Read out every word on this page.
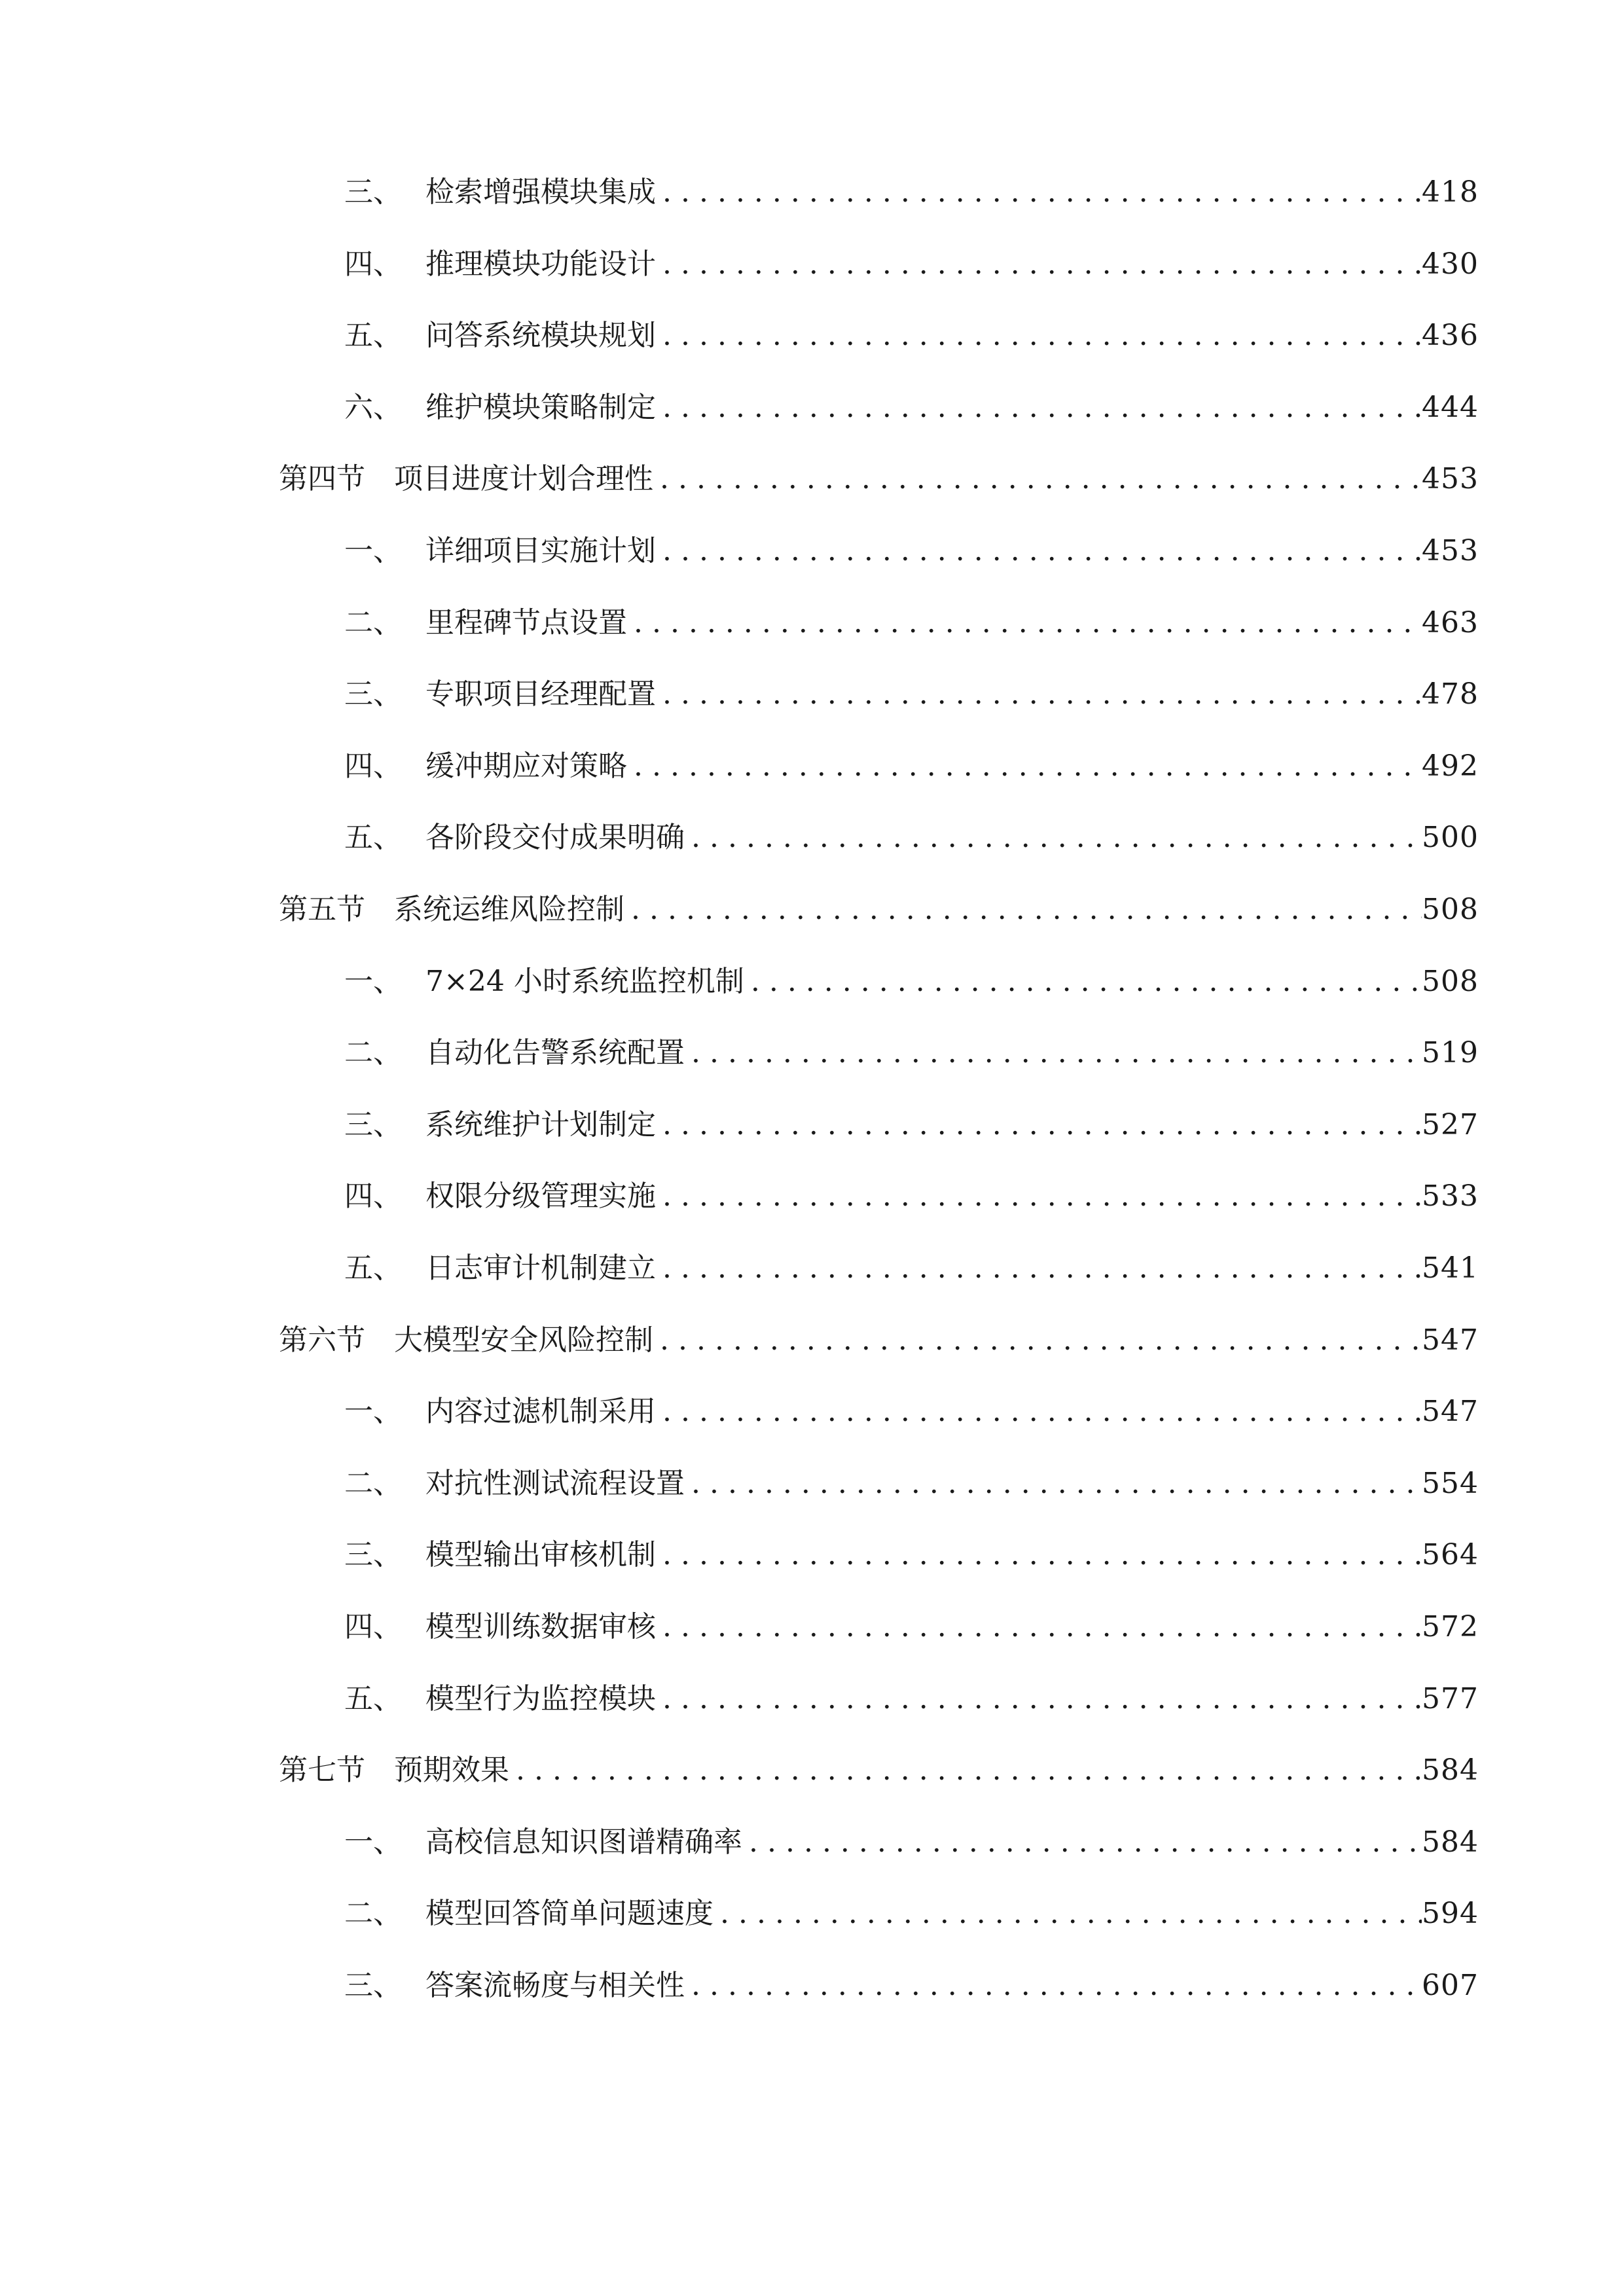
三、 检索增强模块集成 .....	418
四、 推理模块功能设计 .....	430
五、 问答系统模块规划 .....	436
六、 维护模块策略制定 .....	444
第四节	项目进度计划合理性 .....	453
一、 详细项目实施计划 .....	453
二、 里程碑节点设置 .....	463
三、 专职项目经理配置 .....	478
四、 缓冲期应对策略 .....	492
五、 各阶段交付成果明确 .....	500
第五节	系统运维风险控制 .....	508
一、 7×24 小时系统监控机制 .....	508
二、 自动化告警系统配置 .....	519
三、 系统维护计划制定 .....	527
四、 权限分级管理实施 .....	533
五、 日志审计机制建立 .....	541
第六节	大模型安全风险控制 .....	547
一、 内容过滤机制采用 .....	547
二、 对抗性测试流程设置 .....	554
三、 模型输出审核机制 .....	564
四、 模型训练数据审核 .....	572
五、 模型行为监控模块 .....	577
第七节	预期效果 .....	584
一、 高校信息知识图谱精确率 .....	584
二、 模型回答简单问题速度 .....	594
三、 答案流畅度与相关性 .....	607
